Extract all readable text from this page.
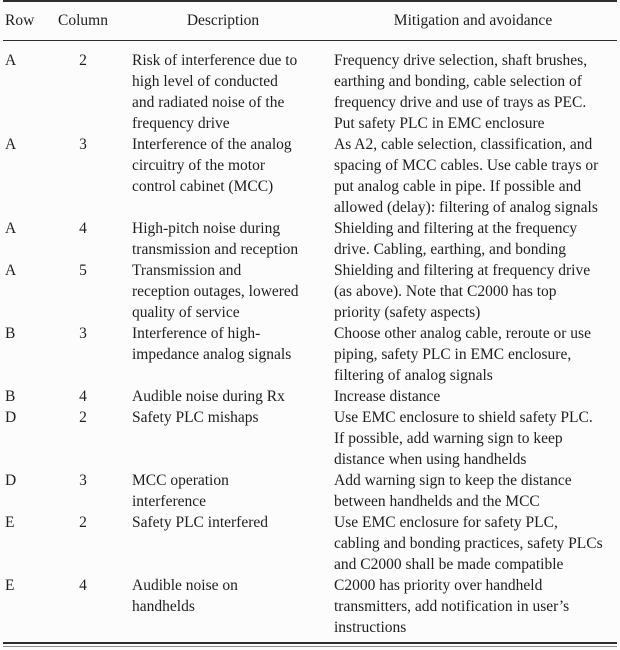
Row	Column	Description	Mitigation and avoidance
A	2	Risk of interference due to
high level of conducted
and radiated noise of the
frequency drive	Frequency drive selection, shaft brushes,
earthing and bonding, cable selection of
frequency drive and use of trays as PEC.
Put safety PLC in EMC enclosure
A	3	Interference of the analog
circuitry of the motor
control cabinet (MCC)	As A2, cable selection, classification, and
spacing of MCC cables. Use cable trays or
put analog cable in pipe. If possible and
allowed (delay): filtering of analog signals
A	4	High-pitch noise during
transmission and reception	Shielding and filtering at the frequency
drive. Cabling, earthing, and bonding
A	5	Transmission and
reception outages, lowered
quality of service	Shielding and filtering at frequency drive
(as above). Note that C2000 has top
priority (safety aspects)
B	3	Interference of high-
impedance analog signals	Choose other analog cable, reroute or use
piping, safety PLC in EMC enclosure,
filtering of analog signals
B	4	Audible noise during Rx	Increase distance
D	2	Safety PLC mishaps	Use EMC enclosure to shield safety PLC.
If possible, add warning sign to keep
distance when using handhelds
D	3	MCC operation
interference	Add warning sign to keep the distance
between handhelds and the MCC
E	2	Safety PLC interfered	Use EMC enclosure for safety PLC,
cabling and bonding practices, safety PLCs
and C2000 shall be made compatible
E	4	Audible noise on
handhelds	C2000 has priority over handheld
transmitters, add notification in user’s
instructions
